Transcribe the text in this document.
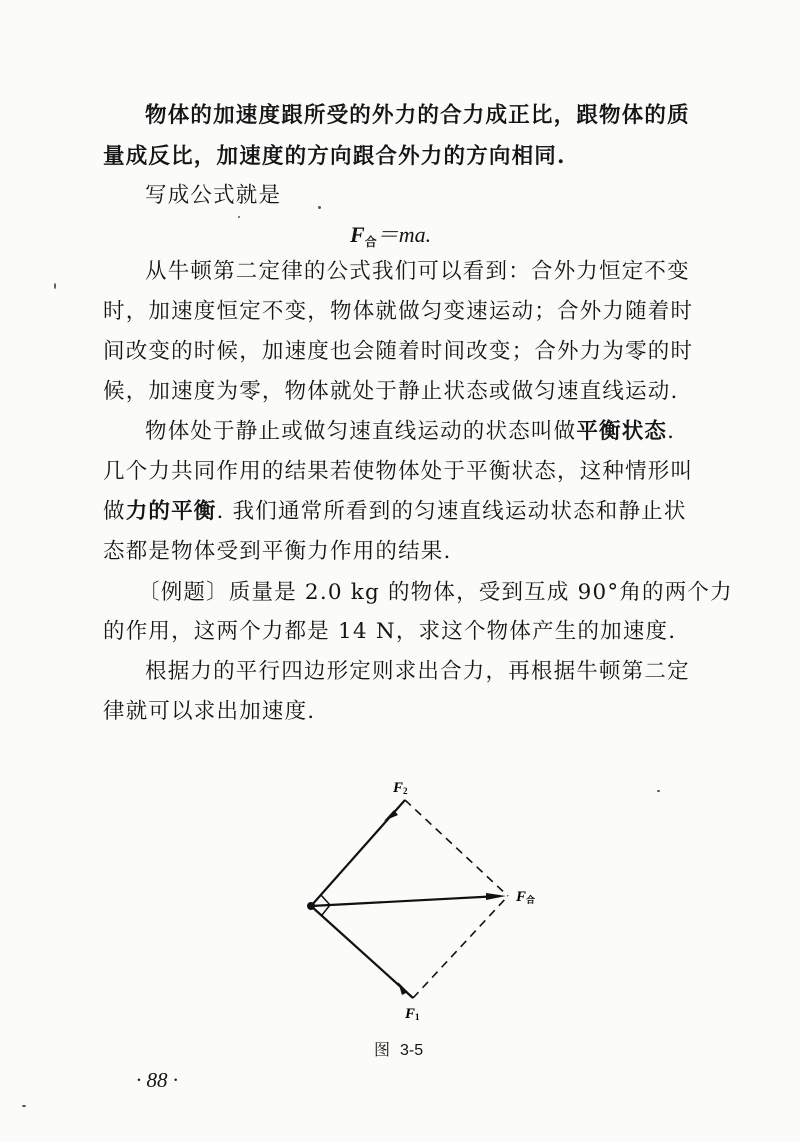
物体的加速度跟所受的外力的合力成正比，跟物体的质
量成反比，加速度的方向跟合外力的方向相同.
写成公式就是
$F_合=ma$.
从牛顿第二定律的公式我们可以看到：合外力恒定不变
时，加速度恒定不变，物体就做匀变速运动；合外力随着时
间改变的时候，加速度也会随着时间改变；合外力为零的时
候，加速度为零，物体就处于静止状态或做匀速直线运动.
物体处于静止或做匀速直线运动的状态叫做平衡状态.
几个力共同作用的结果若使物体处于平衡状态，这种情形叫
做力的平衡. 我们通常所看到的匀速直线运动状态和静止状
态都是物体受到平衡力作用的结果.
〔例题〕质量是 2.0 kg 的物体，受到互成 90°角的两个力
的作用，这两个力都是 14 N，求这个物体产生的加速度.
根据力的平行四边形定则求出合力，再根据牛顿第二定
律就可以求出加速度.
F2
F1
F合
图3-5
· 88 ·
